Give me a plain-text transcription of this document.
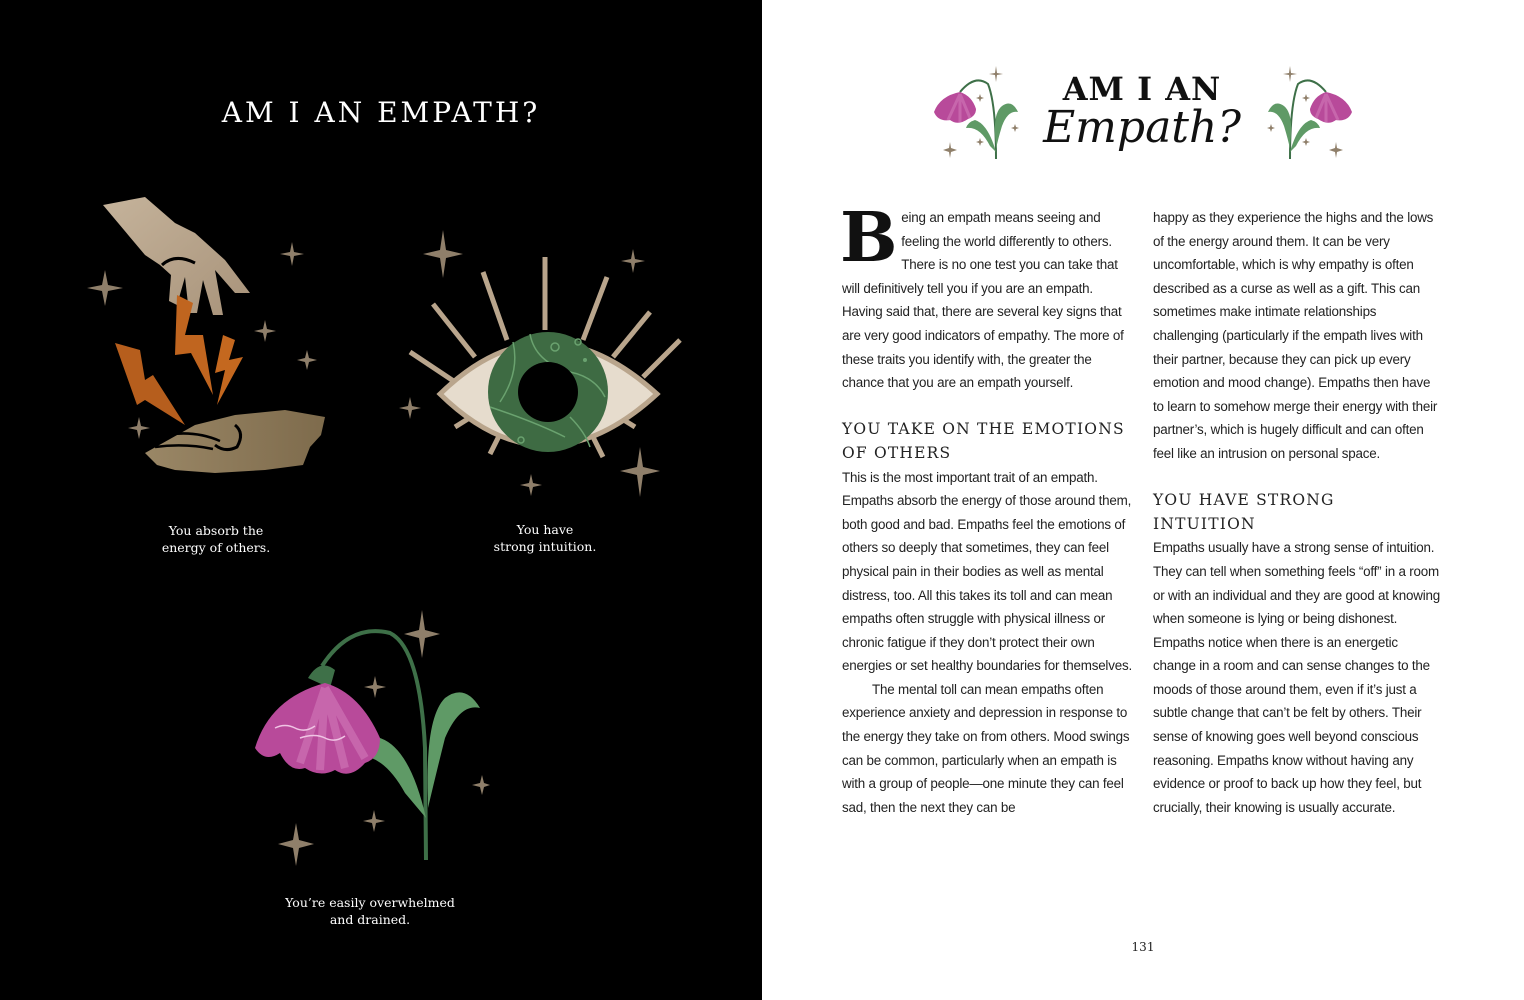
AM I AN EMPATH?
You absorb the
energy of others.
You have
strong intuition.
You’re easily overwhelmed
and drained.
AM I AN
Empath?

Being an empath means seeing and feeling the world differently to others. There is no one test you can take that will definitively tell you if you are an empath. Having said that, there are several key signs that are very good indicators of empathy. The more of these traits you identify with, the greater the chance that you are an empath yourself.

YOU TAKE ON THE EMOTIONS OF OTHERS

This is the most important trait of an empath. Empaths absorb the energy of those around them, both good and bad. Empaths feel the emotions of others so deeply that sometimes, they can feel physical pain in their bodies as well as mental distress, too. All this takes its toll and can mean empaths often struggle with physical illness or chronic fatigue if they don’t protect their own energies or set healthy boundaries for themselves.

The mental toll can mean empaths often experience anxiety and depression in response to the energy they take on from others. Mood swings can be common, particularly when an empath is with a group of people—one minute they can feel sad, then the next they can be

happy as they experience the highs and the lows of the energy around them. It can be very uncomfortable, which is why empathy is often described as a curse as well as a gift. This can sometimes make intimate relationships challenging (particularly if the empath lives with their partner, because they can pick up every emotion and mood change). Empaths then have to learn to somehow merge their energy with their partner’s, which is hugely difficult and can often feel like an intrusion on personal space.

YOU HAVE STRONG INTUITION

Empaths usually have a strong sense of intuition. They can tell when something feels “off” in a room or with an individual and they are good at knowing when someone is lying or being dishonest. Empaths notice when there is an energetic change in a room and can sense changes to the moods of those around them, even if it’s just a subtle change that can’t be felt by others. Their sense of knowing goes well beyond conscious reasoning. Empaths know without having any evidence or proof to back up how they feel, but crucially, their knowing is usually accurate.

131
